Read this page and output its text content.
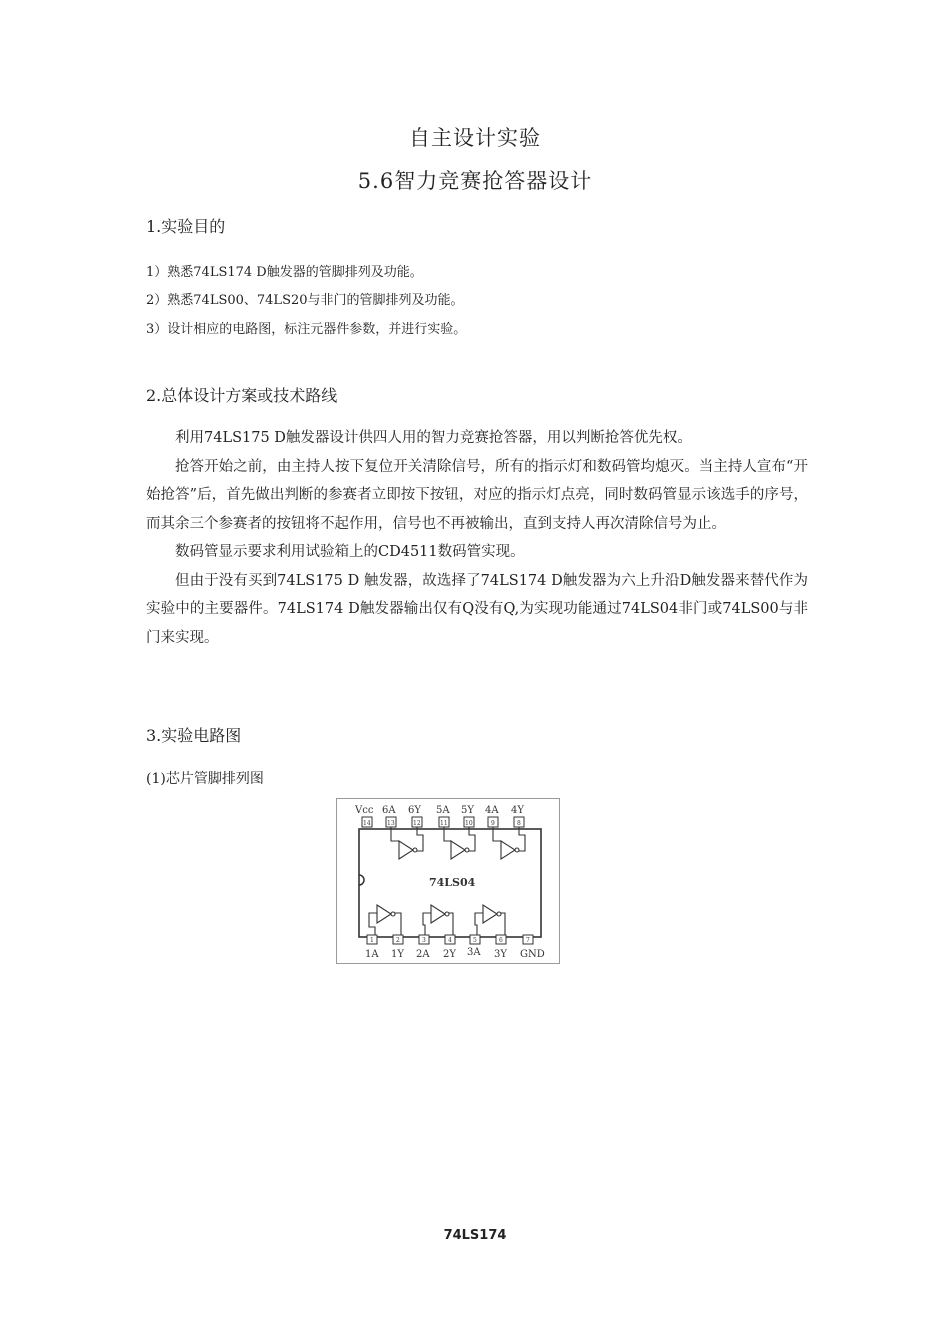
自主设计实验
5.6智力竞赛抢答器设计
1.实验目的
1）熟悉74LS174 D触发器的管脚排列及功能。
2）熟悉74LS00、74LS20与非门的管脚排列及功能。
3）设计相应的电路图，标注元器件参数，并进行实验。
2.总体设计方案或技术路线

利用74LS175 D触发器设计供四人用的智力竞赛抢答器，用以判断抢答优先权。

抢答开始之前，由主持人按下复位开关清除信号，所有的指示灯和数码管均熄灭。当主持人宣布“开始抢答”后，首先做出判断的参赛者立即按下按钮，对应的指示灯点亮，同时数码管显示该选手的序号，而其余三个参赛者的按钮将不起作用，信号也不再被输出，直到支持人再次清除信号为止。

数码管显示要求利用试验箱上的CD4511数码管实现。

但由于没有买到74LS175 D 触发器，故选择了74LS174 D触发器为六上升沿D触发器来替代作为实验中的主要器件。74LS174 D触发器输出仅有Q没有Q,为实现功能通过74LS04非门或74LS00与非门来实现。

3.实验电路图
(1)芯片管脚排列图
74LS04
Vcc 6A 6Y 5A 5Y 4A 4Y
14	13	12	11	10	9	8
1	2	3	4	5	6	7
1A 1Y 2A 2Y 3A 3Y GND
74LS174
